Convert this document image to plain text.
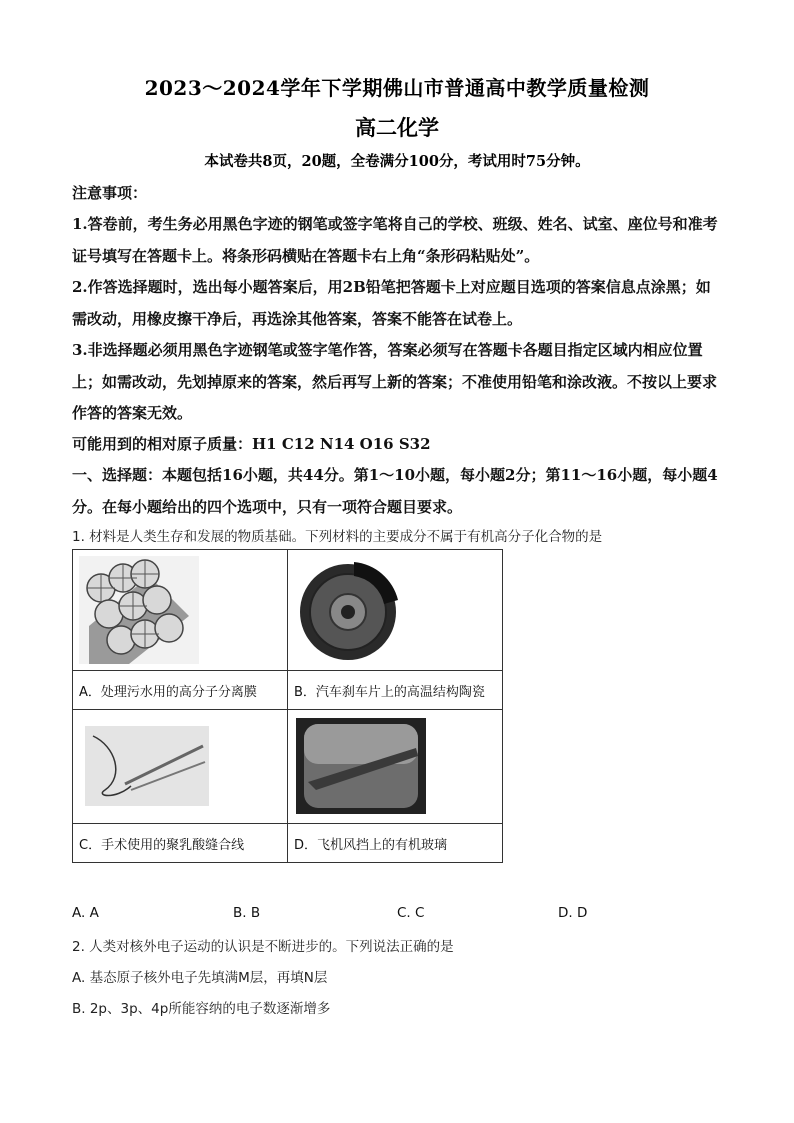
2023～2024学年下学期佛山市普通高中教学质量检测
高二化学
本试卷共8页，20题，全卷满分100分，考试用时75分钟。
注意事项：
1.答卷前，考生务必用黑色字迹的钢笔或签字笔将自己的学校、班级、姓名、试室、座位号和准考证号填写在答题卡上。将条形码横贴在答题卡右上角“条形码粘贴处”。
2.作答选择题时，选出每小题答案后，用2B铅笔把答题卡上对应题目选项的答案信息点涂黑；如需改动，用橡皮擦干净后，再选涂其他答案，答案不能答在试卷上。
3.非选择题必须用黑色字迹钢笔或签字笔作答，答案必须写在答题卡各题目指定区域内相应位置上；如需改动，先划掉原来的答案，然后再写上新的答案；不准使用铅笔和涂改液。不按以上要求作答的答案无效。
可能用到的相对原子质量：H1 C12 N14 O16 S32
一、选择题：本题包括16小题，共44分。第1～10小题，每小题2分；第11～16小题，每小题4分。在每小题给出的四个选项中，只有一项符合题目要求。
1. 材料是人类生存和发展的物质基础。下列材料的主要成分不属于有机高分子化合物的是

A．处理污水用的高分子分离膜	B．汽车刹车片上的高温结构陶瓷

C．手术使用的聚乳酸缝合线	D．飞机风挡上的有机玻璃
A. A	B. B	C. C	D. D
2. 人类对核外电子运动的认识是不断进步的。下列说法正确的是
A. 基态原子核外电子先填满M层，再填N层
B. 2p、3p、4p所能容纳的电子数逐渐增多
